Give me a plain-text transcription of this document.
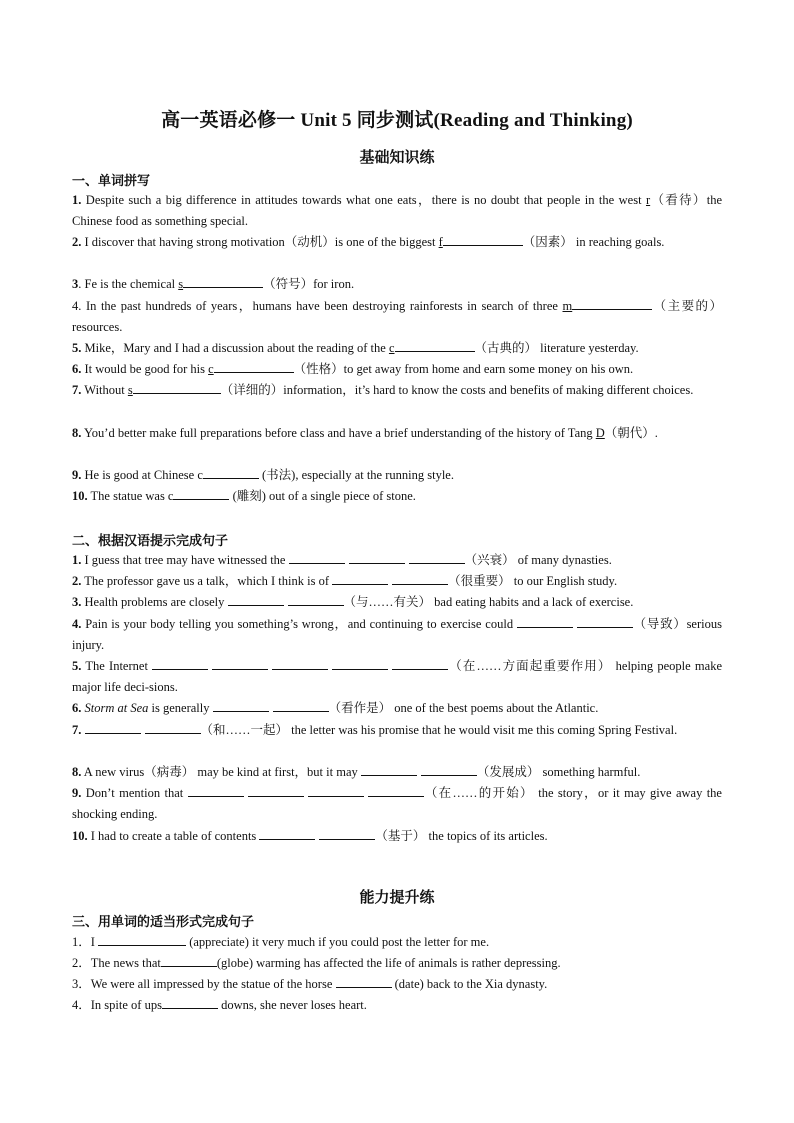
高一英语必修一 Unit 5 同步测试(Reading and Thinking)
基础知识练
一、单词拼写
1. Despite such a big difference in attitudes towards what one eats，there is no doubt that people in the west r（看待）the Chinese food as something special.
2. I discover that having strong motivation（动机）is one of the biggest f	（因素） in reaching goals.
3. Fe is the chemical s	（符号）for iron.
4. In the past hundreds of years，humans have been destroying rainforests in search of three m	（主要的）resources.
5. Mike，Mary and I had a discussion about the reading of the c	（古典的） literature yesterday.
6. It would be good for his c	（性格）to get away from home and earn some money on his own.
7. Without s	（详细的）information，it’s hard to know the costs and benefits of making different choices.
8. You’d better make full preparations before class and have a brief understanding of the history of Tang D（朝代）.
9. He is good at Chinese c	(书法), especially at the running style.
10. The statue was c	(雕刻) out of a single piece of stone.
二、根据汉语提示完成句子
1. I guess that tree may have witnessed the	（兴衰） of many dynasties.
2. The professor gave us a talk，which I think is of	（很重要） to our English study.
3. Health problems are closely	（与……有关） bad eating habits and a lack of exercise.
4. Pain is your body telling you something’s wrong，and continuing to exercise could	（导致）serious injury.
5. The Internet	（在……方面起重要作用） helping people make major life deci-sions.
6. Storm at Sea is generally	（看作是） one of the best poems about the Atlantic.
7.	（和……一起） the letter was his promise that he would visit me this coming Spring Festival.
8. A new virus（病毒） may be kind at first，but it may	（发展成） something harmful.
9. Don’t mention that	（在……的开始） the story，or it may give away the shocking ending.
10. I had to create a table of contents	（基于） the topics of its articles.
能力提升练
三、用单词的适当形式完成句子
1．I	(appreciate) it very much if you could post the letter for me.
2．The news that	(globe) warming has affected the life of animals is rather depressing.
3．We were all impressed by the statue of the horse	(date) back to the Xia dynasty.
4．In spite of ups	downs, she never loses heart.
